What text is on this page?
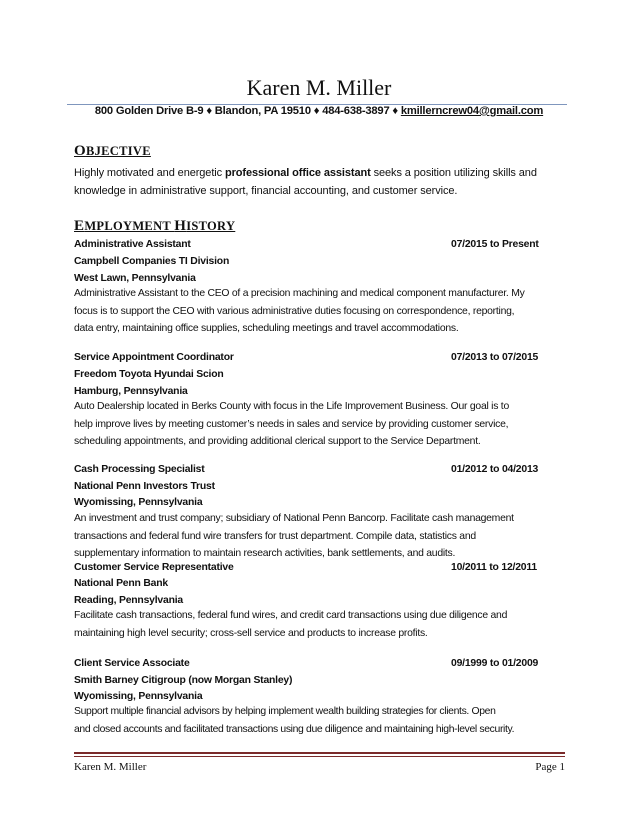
Karen M. Miller
800 Golden Drive B-9 ♦ Blandon, PA 19510 ♦ 484-638-3897 ♦ kmillerncrew04@gmail.com
OBJECTIVE
Highly motivated and energetic professional office assistant seeks a position utilizing skills and
knowledge in administrative support, financial accounting, and customer service.
EMPLOYMENT HISTORY
Administrative Assistant	07/2015 to Present
Campbell Companies TI Division
West Lawn, Pennsylvania
Administrative Assistant to the CEO of a precision machining and medical component manufacturer. My
focus is to support the CEO with various administrative duties focusing on correspondence, reporting,
data entry, maintaining office supplies, scheduling meetings and travel accommodations.
Service Appointment Coordinator	07/2013 to 07/2015
Freedom Toyota Hyundai Scion
Hamburg, Pennsylvania
Auto Dealership located in Berks County with focus in the Life Improvement Business. Our goal is to
help improve lives by meeting customer’s needs in sales and service by providing customer service,
scheduling appointments, and providing additional clerical support to the Service Department.
Cash Processing Specialist	01/2012 to 04/2013
National Penn Investors Trust
Wyomissing, Pennsylvania
An investment and trust company; subsidiary of National Penn Bancorp. Facilitate cash management
transactions and federal fund wire transfers for trust department. Compile data, statistics and
supplementary information to maintain research activities, bank settlements, and audits.
Customer Service Representative	10/2011 to 12/2011
National Penn Bank
Reading, Pennsylvania
Facilitate cash transactions, federal fund wires, and credit card transactions using due diligence and
maintaining high level security; cross-sell service and products to increase profits.
Client Service Associate	09/1999 to 01/2009
Smith Barney Citigroup (now Morgan Stanley)
Wyomissing, Pennsylvania
Support multiple financial advisors by helping implement wealth building strategies for clients. Open
and closed accounts and facilitated transactions using due diligence and maintaining high-level security.
Karen M. Miller	Page 1
